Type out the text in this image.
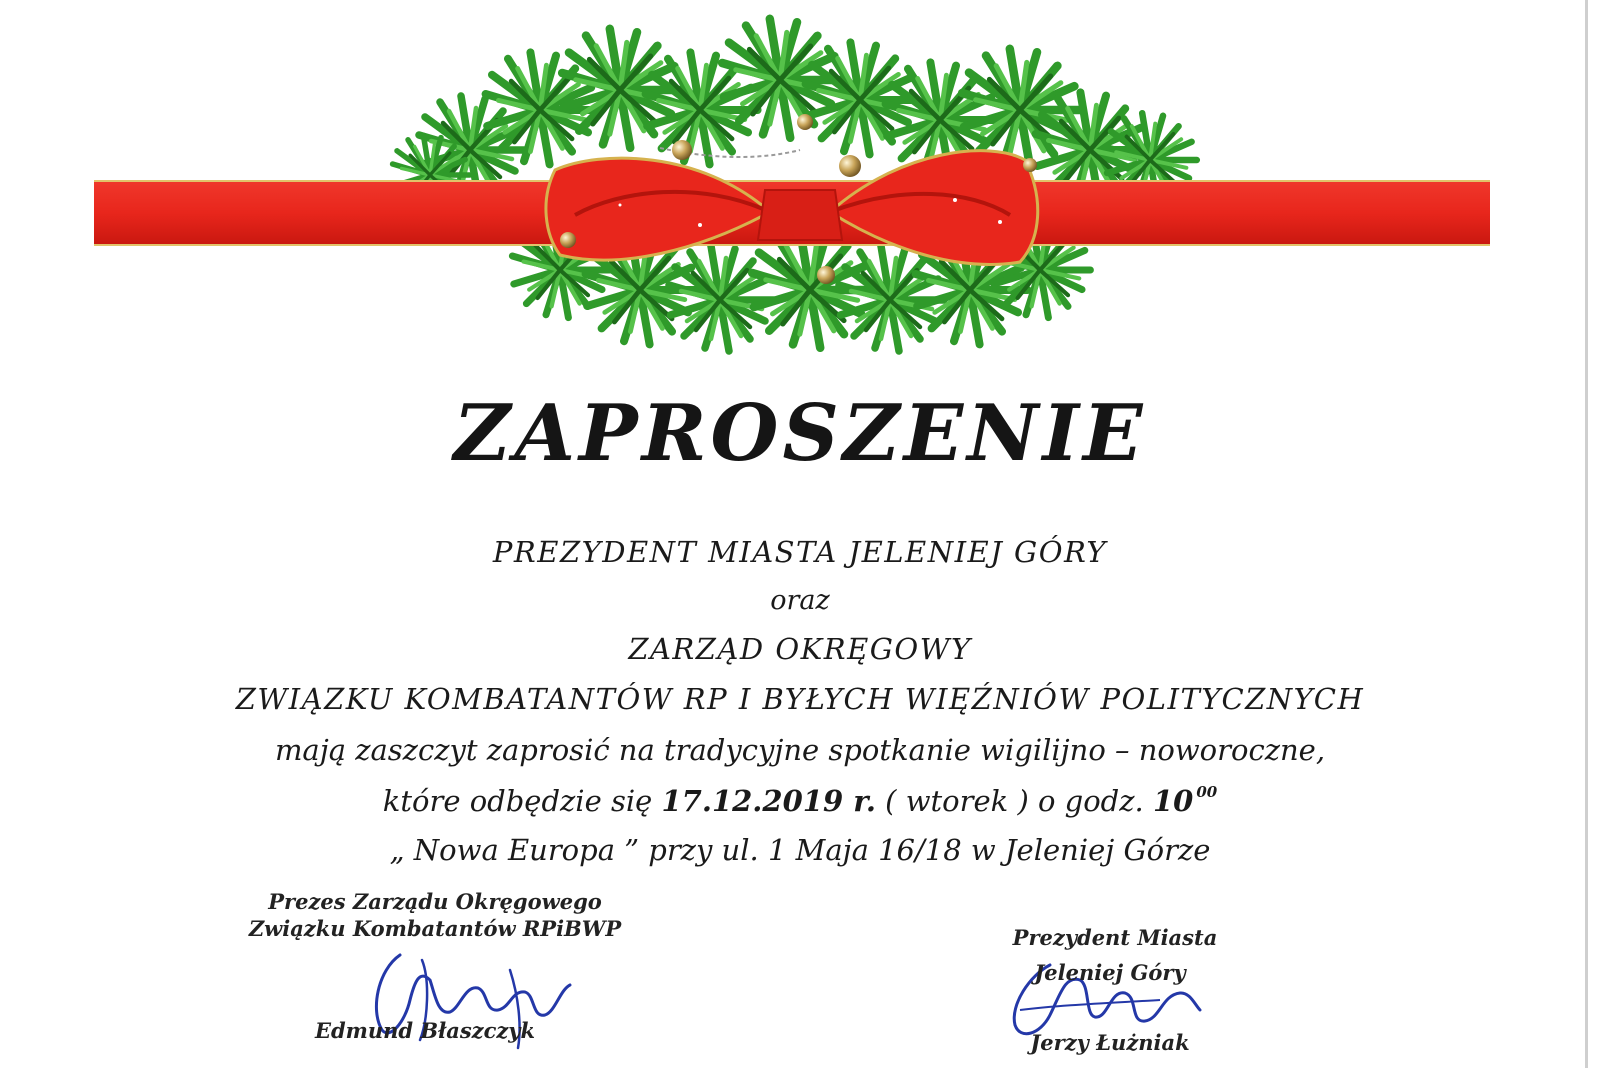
ZAPROSZENIE
PREZYDENT MIASTA JELENIEJ GÓRY
oraz
ZARZĄD OKRĘGOWY
ZWIĄZKU KOMBATANTÓW RP I BYŁYCH WIĘŹNIÓW POLITYCZNYCH
mają zaszczyt zaprosić na tradycyjne spotkanie wigilijno – noworoczne,
które odbędzie się 17.12.2019 r. ( wtorek ) o godz. 10 $^{00}$
„ Nowa Europa ” przy ul. 1 Maja 16/18 w Jeleniej Górze
Prezes Zarządu Okręgowego
Związku Kombatantów RPiBWP
Edmund Błaszczyk
Prezydent Miasta
Jeleniej Góry
Jerzy Łużniak
